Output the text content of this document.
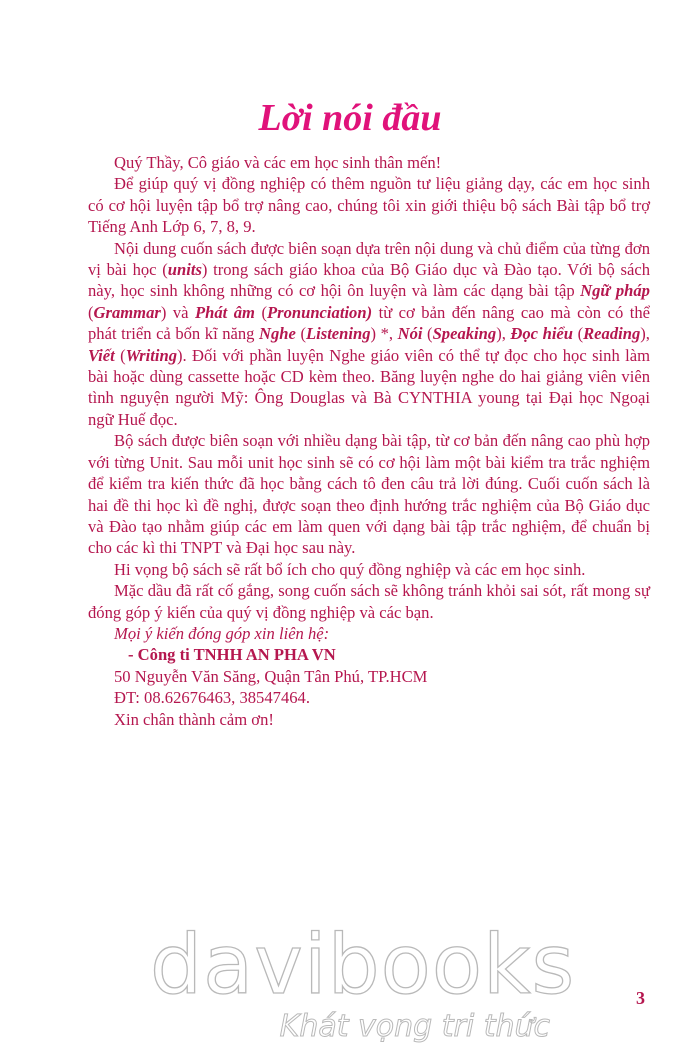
Lời nói đầu

Quý Thầy, Cô giáo và các em học sinh thân mến!

Để giúp quý vị đồng nghiệp có thêm nguồn tư liệu giảng dạy, các em học sinh có cơ hội luyện tập bổ trợ nâng cao, chúng tôi xin giới thiệu bộ sách Bài tập bổ trợ Tiếng Anh Lớp 6, 7, 8, 9.

Nội dung cuốn sách được biên soạn dựa trên nội dung và chủ điểm của từng đơn vị bài học (units) trong sách giáo khoa của Bộ Giáo dục và Đào tạo. Với bộ sách này, học sinh không những có cơ hội ôn luyện và làm các dạng bài tập Ngữ pháp (Grammar) và Phát âm (Pronunciation) từ cơ bản đến nâng cao mà còn có thể phát triển cả bốn kĩ năng Nghe (Listening) *, Nói (Speaking), Đọc hiểu (Reading), Viết (Writing). Đối với phần luyện Nghe giáo viên có thể tự đọc cho học sinh làm bài hoặc dùng cassette hoặc CD kèm theo. Băng luyện nghe do hai giảng viên viên tình nguyện người Mỹ: Ông Douglas và Bà CYNTHIA young tại Đại học Ngoại ngữ Huế đọc.

Bộ sách được biên soạn với nhiều dạng bài tập, từ cơ bản đến nâng cao phù hợp với từng Unit. Sau mỗi unit học sinh sẽ có cơ hội làm một bài kiểm tra trắc nghiệm để kiểm tra kiến thức đã học bằng cách tô đen câu trả lời đúng. Cuối cuốn sách là hai đề thi học kì đề nghị, được soạn theo định hướng trắc nghiệm của Bộ Giáo dục và Đào tạo nhằm giúp các em làm quen với dạng bài tập trắc nghiệm, để chuẩn bị cho các kì thi TNPT và Đại học sau này.

Hi vọng bộ sách sẽ rất bổ ích cho quý đồng nghiệp và các em học sinh.

Mặc dầu đã rất cố gắng, song cuốn sách sẽ không tránh khỏi sai sót, rất mong sự đóng góp ý kiến của quý vị đồng nghiệp và các bạn.

Mọi ý kiến đóng góp xin liên hệ:

- Công ti TNHH AN PHA VN

50 Nguyễn Văn Săng, Quận Tân Phú, TP.HCM

ĐT: 08.62676463, 38547464.

Xin chân thành cảm ơn!

davibooks
Khát vọng tri thức
3
